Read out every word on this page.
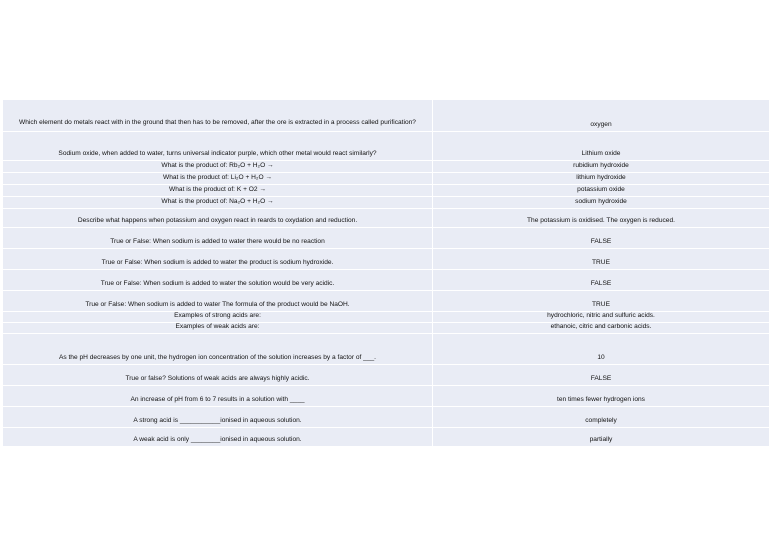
Which element do metals react with in the ground that then has to be removed, after the ore is extracted in a process called purification?	oxygen
Sodium oxide, when added to water, turns universal indicator purple, which other metal would react similarly?	Lithium oxide
What is the product of: Rb₂O + H₂O →	rubidium hydroxide
What is the product of: Li₂O + H₂O →	lithium hydroxide
What is the product of: K + O2 →	potassium oxide
What is the product of: Na₂O + H₂O →	sodium hydroxide
Describe what happens when potassium and oxygen react in reards to oxydation and reduction.	The potassium is oxidised. The oxygen is reduced.
True or False: When sodium is added to water there would be no reaction	FALSE
True or False: When sodium is added to water the product is sodium hydroxide.	TRUE
True or False: When sodium is added to water the solution would be very acidic.	FALSE
True or False: When sodium is added to water The formula of the product would be NaOH.	TRUE
Examples of strong acids are:	hydrochloric, nitric and sulfuric acids.
Examples of weak acids are:	ethanoic, citric and carbonic acids.
As the pH decreases by one unit, the hydrogen ion concentration of the solution increases by a factor of ___.	10
True or false? Solutions of weak acids are always highly acidic.	FALSE
An increase of pH from 6 to 7 results in a solution with ____	ten times fewer hydrogen ions
A strong acid is ___________ionised in aqueous solution.	completely
A weak acid is only ________ionised in aqueous solution.	partially
